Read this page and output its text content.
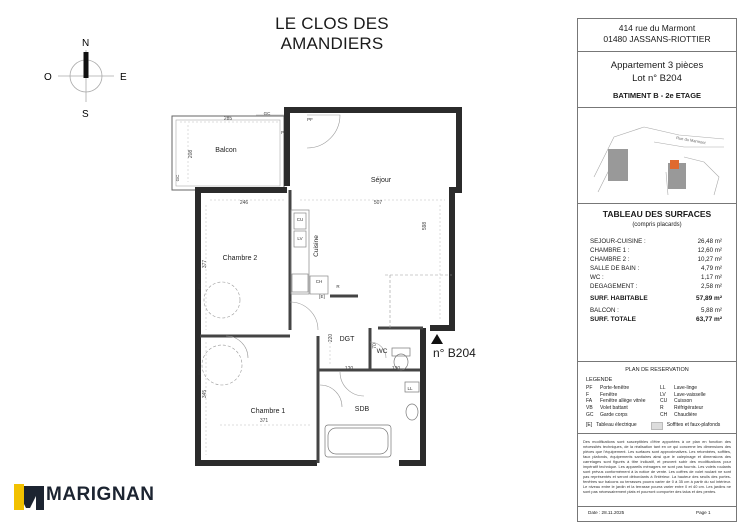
LE CLOS DES AMANDIERS
N
S
O	E
Balcon
Séjour
Chambre 2
Chambre 1
DGT
WC
SDB
Cuisine
285
208
246	507
598
377
345
371
220
120	130
70
GC	GC
GC
PF
PF
FA
FA
CU
LV
CH
R
LL
[E]
n° B204
MARIGNAN
414 rue du Marmont
01480 JASSANS-RIOTTIER
Appartement 3 pièces
Lot n° B204
BATIMENT B - 2e ETAGE
Rue du Marmont
TABLEAU DES SURFACES
(compris placards)
SEJOUR-CUISINE :	26,48 m²
CHAMBRE 1 :	12,60 m²
CHAMBRE 2 :	10,27 m²
SALLE DE BAIN :	4,79 m²
WC :	1,17 m²
DEGAGEMENT :	2,58 m²
SURF. HABITABLE	57,89 m²
BALCON :	5,88 m²
SURF. TOTALE	63,77 m²
PLAN DE RESERVATION
LEGENDE
PF	Porte-fenêtre	LL	Lave-linge
F	Fenêtre	LV	Lave-vaisselle
FA	Fenêtre allège vitrée	CU	Cuisson
VB	Volet battant	R	Réfrigérateur
GC	Garde corps	CH	Chaudière
[E] Tableau électrique	Soffites et faux-plafonds
Des modifications sont susceptibles d'être apportées à ce plan en fonction des nécessités techniques, de la réalisation tant en ce qui concerne les dimensions des pièces que l'équipement. Les surfaces sont approximatives. Les retombées, soffites, faux plafonds, équipements sanitaires ainsi que le calepinage et dimensions des carrelages sont figurés à titre indicatif, et peuvent subir des modifications pour impératif technique. Les appareils ménagers ne sont pas fournis. Les volets roulants sont prévus conformément à la notice de vente. Les coffres de volet roulant ne sont pas représentés et seront débordants à l'intérieur. La hauteur des seuils des portes-fenêtres sur balcons ou terrasses pourra varier de 0 à 35 cm à partir du sol intérieur. Le niveau entre le jardin et la terrasse pourra varier entre 0 et 40 cm. Les jardins ne sont pas nécessairement plats et pourront comporter des talus et des pentes.
Date : 28.11.2025	Page 1
